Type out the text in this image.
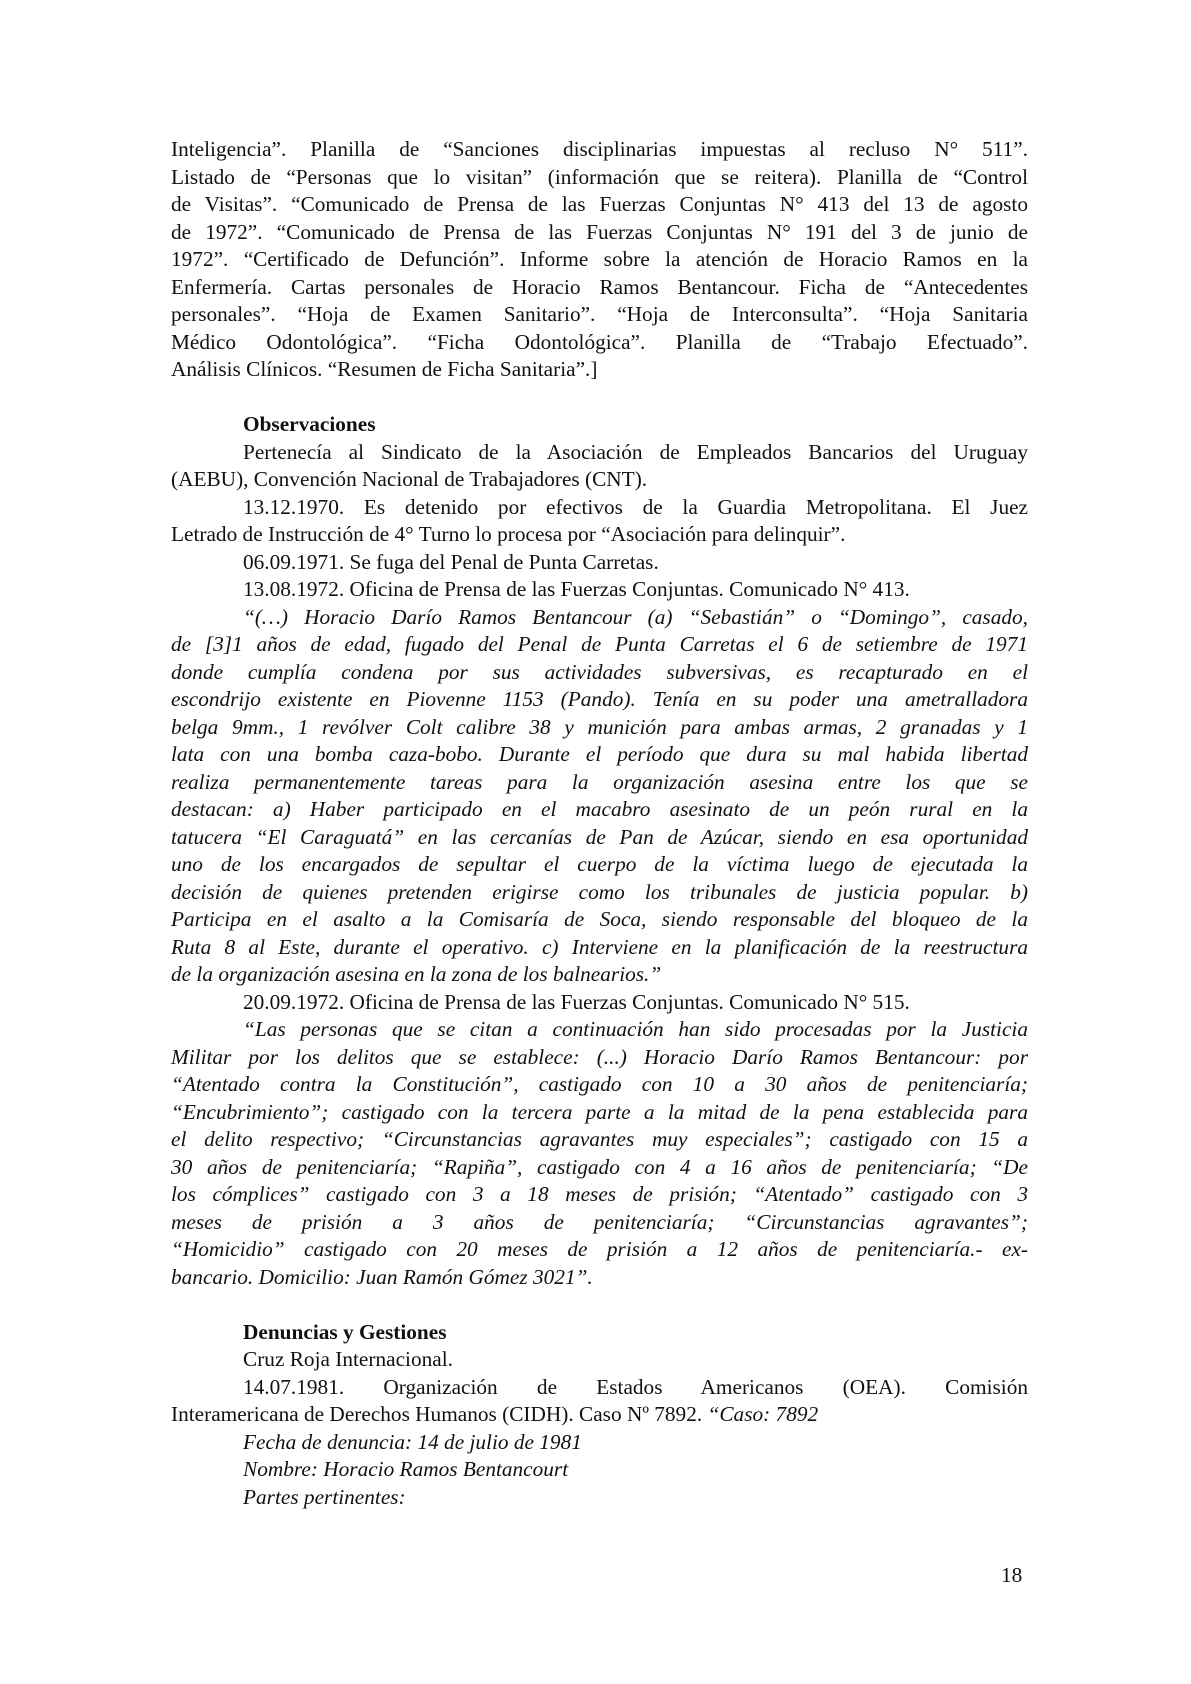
Inteligencia”. Planilla de “Sanciones disciplinarias impuestas al recluso N° 511”.
Listado de “Personas que lo visitan” (información que se reitera). Planilla de “Control
de Visitas”. “Comunicado de Prensa de las Fuerzas Conjuntas N° 413 del 13 de agosto
de 1972”. “Comunicado de Prensa de las Fuerzas Conjuntas N° 191 del 3 de junio de
1972”. “Certificado de Defunción”. Informe sobre la atención de Horacio Ramos en la
Enfermería. Cartas personales de Horacio Ramos Bentancour. Ficha de “Antecedentes
personales”. “Hoja de Examen Sanitario”. “Hoja de Interconsulta”. “Hoja Sanitaria
Médico Odontológica”. “Ficha Odontológica”. Planilla de “Trabajo Efectuado”.
Análisis Clínicos. “Resumen de Ficha Sanitaria”.]
Observaciones
Pertenecía al Sindicato de la Asociación de Empleados Bancarios del Uruguay
(AEBU), Convención Nacional de Trabajadores (CNT).
13.12.1970. Es detenido por efectivos de la Guardia Metropolitana. El Juez
Letrado de Instrucción de 4° Turno lo procesa por “Asociación para delinquir”.

06.09.1971. Se fuga del Penal de Punta Carretas.

13.08.1972. Oficina de Prensa de las Fuerzas Conjuntas. Comunicado N° 413.

“(…) Horacio Darío Ramos Bentancour (a) “Sebastián” o “Domingo”, casado,
de [3]1 años de edad, fugado del Penal de Punta Carretas el 6 de setiembre de 1971
donde cumplía condena por sus actividades subversivas, es recapturado en el
escondrijo existente en Piovenne 1153 (Pando). Tenía en su poder una ametralladora
belga 9mm., 1 revólver Colt calibre 38 y munición para ambas armas, 2 granadas y 1
lata con una bomba caza-bobo. Durante el período que dura su mal habida libertad
realiza permanentemente tareas para la organización asesina entre los que se
destacan: a) Haber participado en el macabro asesinato de un peón rural en la
tatucera “El Caraguatá” en las cercanías de Pan de Azúcar, siendo en esa oportunidad
uno de los encargados de sepultar el cuerpo de la víctima luego de ejecutada la
decisión de quienes pretenden erigirse como los tribunales de justicia popular. b)
Participa en el asalto a la Comisaría de Soca, siendo responsable del bloqueo de la
Ruta 8 al Este, durante el operativo. c) Interviene en la planificación de la reestructura
de la organización asesina en la zona de los balnearios.”

20.09.1972. Oficina de Prensa de las Fuerzas Conjuntas. Comunicado N° 515.

“Las personas que se citan a continuación han sido procesadas por la Justicia
Militar por los delitos que se establece: (...) Horacio Darío Ramos Bentancour: por
“Atentado contra la Constitución”, castigado con 10 a 30 años de penitenciaría;
“Encubrimiento”; castigado con la tercera parte a la mitad de la pena establecida para
el delito respectivo; “Circunstancias agravantes muy especiales”; castigado con 15 a
30 años de penitenciaría; “Rapiña”, castigado con 4 a 16 años de penitenciaría; “De
los cómplices” castigado con 3 a 18 meses de prisión; “Atentado” castigado con 3
meses de prisión a 3 años de penitenciaría; “Circunstancias agravantes”;
“Homicidio” castigado con 20 meses de prisión a 12 años de penitenciaría.- ex-
bancario. Domicilio: Juan Ramón Gómez 3021”.
Denuncias y Gestiones

Cruz Roja Internacional.

14.07.1981. Organización de Estados Americanos (OEA). Comisión
Interamericana de Derechos Humanos (CIDH). Caso Nº 7892. “Caso: 7892

Fecha de denuncia: 14 de julio de 1981

Nombre: Horacio Ramos Bentancourt

Partes pertinentes:

18
